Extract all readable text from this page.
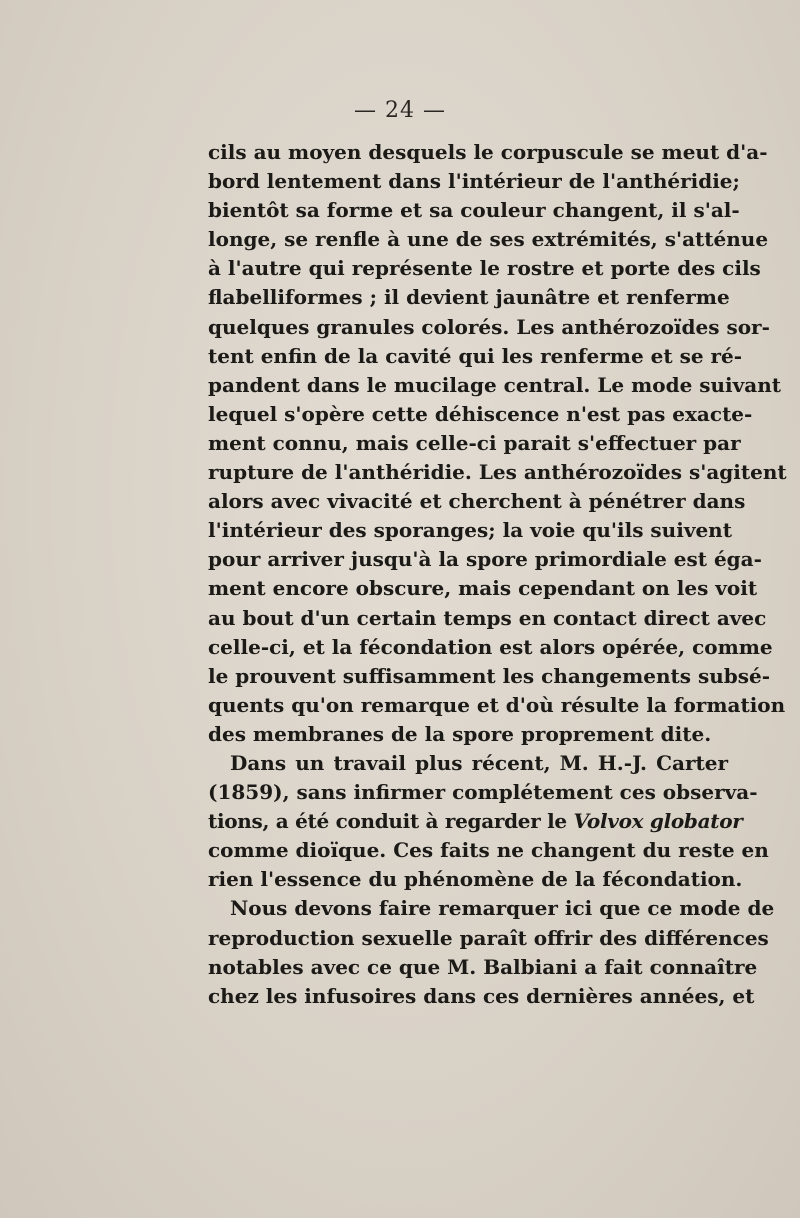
— 24 —
cils au moyen desquels le corpuscule se meut d'a-
bord lentement dans l'intérieur de l'anthéridie;
bientôt sa forme et sa couleur changent, il s'al-
longe, se renfle à une de ses extrémités, s'atténue
à l'autre qui représente le rostre et porte des cils
flabelliformes ; il devient jaunâtre et renferme
quelques granules colorés. Les anthérozoïdes sor-
tent enfin de la cavité qui les renferme et se ré-
pandent dans le mucilage central. Le mode suivant
lequel s'opère cette déhiscence n'est pas exacte-
ment connu, mais celle-ci parait s'effectuer par
rupture de l'anthéridie. Les anthérozoïdes s'agitent
alors avec vivacité et cherchent à pénétrer dans
l'intérieur des sporanges; la voie qu'ils suivent
pour arriver jusqu'à la spore primordiale est éga-
ment encore obscure, mais cependant on les voit
au bout d'un certain temps en contact direct avec
celle-ci, et la fécondation est alors opérée, comme
le prouvent suffisamment les changements subsé-
quents qu'on remarque et d'où résulte la formation
des membranes de la spore proprement dite.
Dans un travail plus récent, M. H.-J. Carter
(1859), sans infirmer complétement ces observa-
tions, a été conduit à regarder le Volvox globator
comme dioïque. Ces faits ne changent du reste en
rien l'essence du phénomène de la fécondation.
Nous devons faire remarquer ici que ce mode de
reproduction sexuelle paraît offrir des différences
notables avec ce que M. Balbiani a fait connaître
chez les infusoires dans ces dernières années, et
